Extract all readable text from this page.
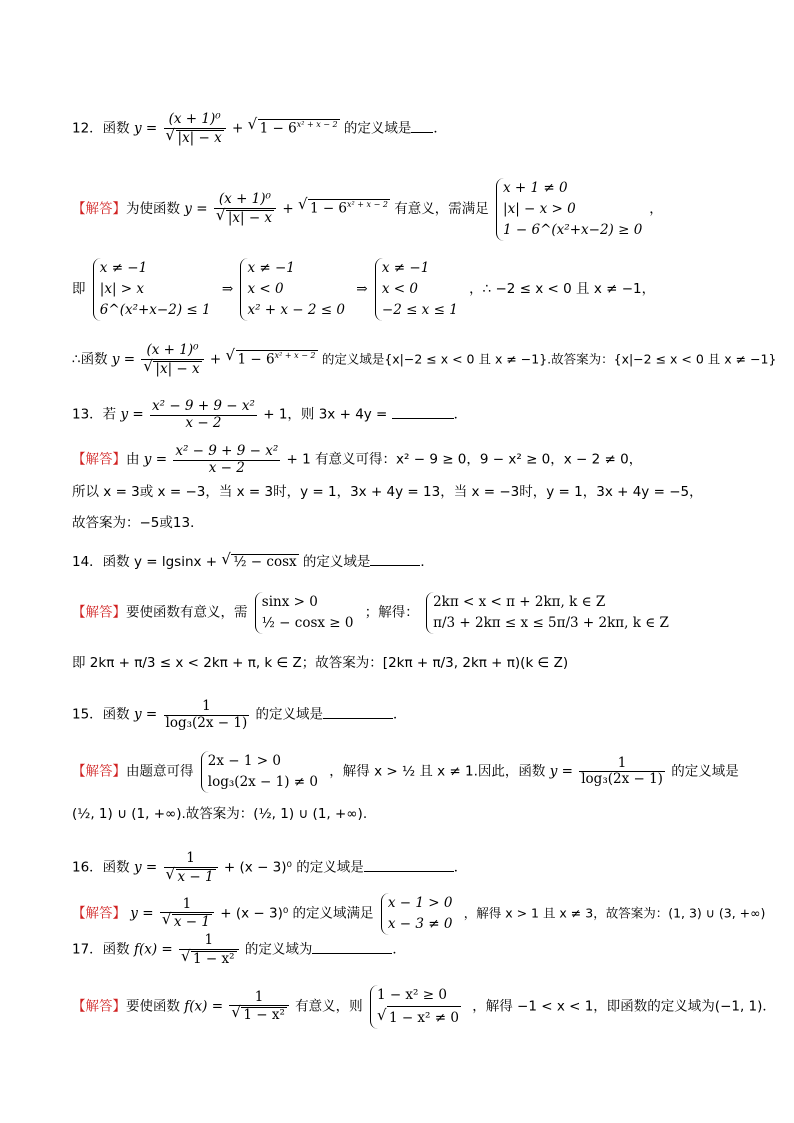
12．函数 y = (x + 1)⁰
√ |x| − x + √ $1 - 6^{x^2 + x - 2}$ 的定义域是 ．
【解答】为使函数 y = (x + 1)⁰
√ |x| − x + √ $1 - 6^{x^2 + x - 2}$ 有意义，需满足
x + 1 ≠ 0
|x| − x > 0
1 − 6^(x²+x−2) ≥ 0
，
即
x ≠ −1
|x| > x
6^(x²+x−2) ≤ 1
⇒
x ≠ −1
x < 0
x² + x − 2 ≤ 0
⇒
x ≠ −1
x < 0
−2 ≤ x ≤ 1
，∴ −2 ≤ x < 0 且 x ≠ −1，
∴函数 y = (x + 1)⁰
√ |x| − x + √ $1 - 6^{x^2 + x - 2}$ 的定义域是{x|−2 ≤ x < 0 且 x ≠ −1}.故答案为：{x|−2 ≤ x < 0 且 x ≠ −1}
13．若 $y = \frac{\text{x² − 9 + 9 − x²}}{x - 2} + 1$，则 3x + 4y =	．
【解答】由 $y = \frac{\text{x² − 9 + 9 − x²}}{x - 2} + 1$ 有意义可得：x² − 9 ≥ 0，9 − x² ≥ 0，x − 2 ≠ 0，
所以 x = 3或 x = −3，当 x = 3时，y = 1，3x + 4y = 13，当 x = −3时，y = 1，3x + 4y = −5，
故答案为：−5或13．
14．函数 y = lgsinx + √ ½ − cosx 的定义域是	．
【解答】要使函数有意义，需
sinx > 0
½ − cosx ≥ 0
；解得：
2kπ < x < π + 2kπ, k ∈ Z
π/3 + 2kπ ≤ x ≤ 5π/3 + 2kπ, k ∈ Z
即 2kπ + π/3 ≤ x < 2kπ + π, k ∈ Z；故答案为：[2kπ + π/3, 2kπ + π)(k ∈ Z)
15．函数 $y = \frac{1}{\text{log₃(2x − 1)}}$ 的定义域是	．
【解答】由题意可得
2x − 1 > 0
log₃(2x − 1) ≠ 0
，解得 x > ½ 且 x ≠ 1.因此，函数 $y = \frac{1}{\text{log₃(2x − 1)}}$ 的定义域是
(½, 1) ∪ (1, +∞).故答案为：(½, 1) ∪ (1, +∞).
16．函数 y = 1
√ x − 1 + (x − 3)⁰ 的定义域是	．
【解答】 y = 1
√ x − 1 + (x − 3)⁰ 的定义域满足
x − 1 > 0
x − 3 ≠ 0
，解得 x > 1 且 x ≠ 3，故答案为：(1, 3) ∪ (3, +∞)
17．函数 f(x) = 1
√ 1 − x² 的定义域为	．
【解答】要使函数 f(x) = 1
√ 1 − x² 有意义，则
1 − x² ≥ 0
√ 1 − x² ≠ 0
，解得 −1 < x < 1，即函数的定义域为(−1, 1)．
